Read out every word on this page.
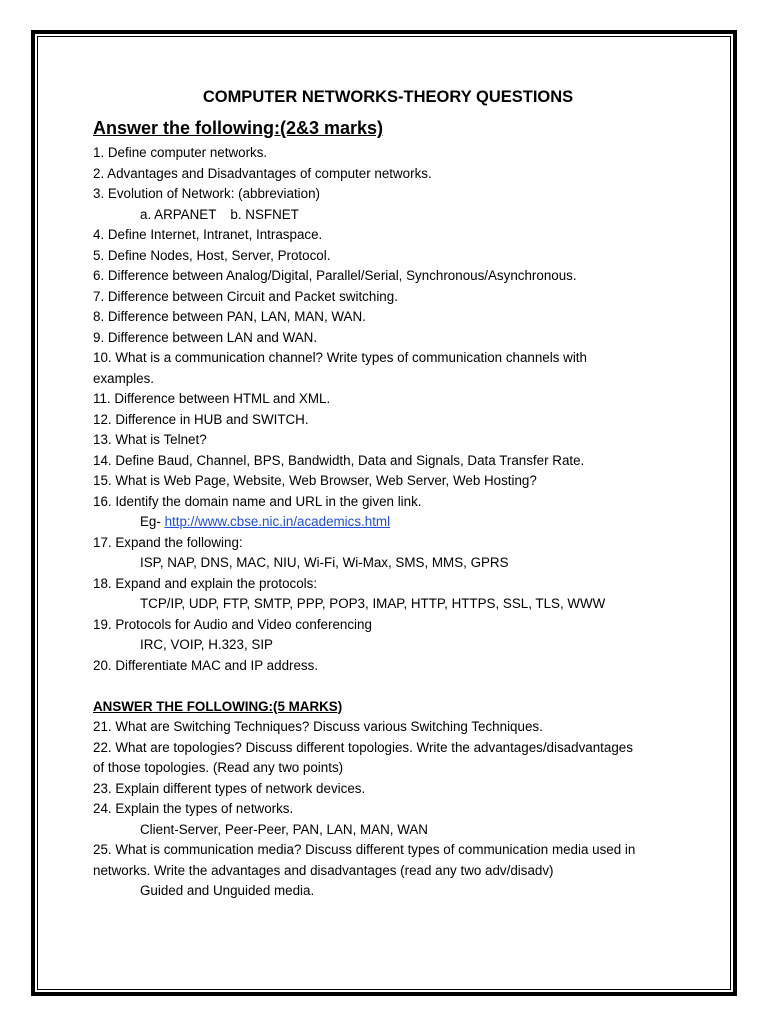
COMPUTER NETWORKS-THEORY QUESTIONS
Answer the following:(2&3 marks)
1. Define computer networks.
2. Advantages and Disadvantages of computer networks.
3. Evolution of Network: (abbreviation)
a. ARPANET b. NSFNET
4. Define Internet, Intranet, Intraspace.
5. Define Nodes, Host, Server, Protocol.
6. Difference between Analog/Digital, Parallel/Serial, Synchronous/Asynchronous.
7. Difference between Circuit and Packet switching.
8. Difference between PAN, LAN, MAN, WAN.
9. Difference between LAN and WAN.
10. What is a communication channel? Write types of communication channels with
examples.
11. Difference between HTML and XML.
12. Difference in HUB and SWITCH.
13. What is Telnet?
14. Define Baud, Channel, BPS, Bandwidth, Data and Signals, Data Transfer Rate.
15. What is Web Page, Website, Web Browser, Web Server, Web Hosting?
16. Identify the domain name and URL in the given link.
Eg- http://www.cbse.nic.in/academics.html
17. Expand the following:
ISP, NAP, DNS, MAC, NIU, Wi-Fi, Wi-Max, SMS, MMS, GPRS
18. Expand and explain the protocols:
TCP/IP, UDP, FTP, SMTP, PPP, POP3, IMAP, HTTP, HTTPS, SSL, TLS, WWW
19. Protocols for Audio and Video conferencing
IRC, VOIP, H.323, SIP
20. Differentiate MAC and IP address.
ANSWER THE FOLLOWING:(5 MARKS)
21. What are Switching Techniques? Discuss various Switching Techniques.
22. What are topologies? Discuss different topologies. Write the advantages/disadvantages
of those topologies. (Read any two points)
23. Explain different types of network devices.
24. Explain the types of networks.
Client-Server, Peer-Peer, PAN, LAN, MAN, WAN
25. What is communication media? Discuss different types of communication media used in
networks. Write the advantages and disadvantages (read any two adv/disadv)
Guided and Unguided media.
